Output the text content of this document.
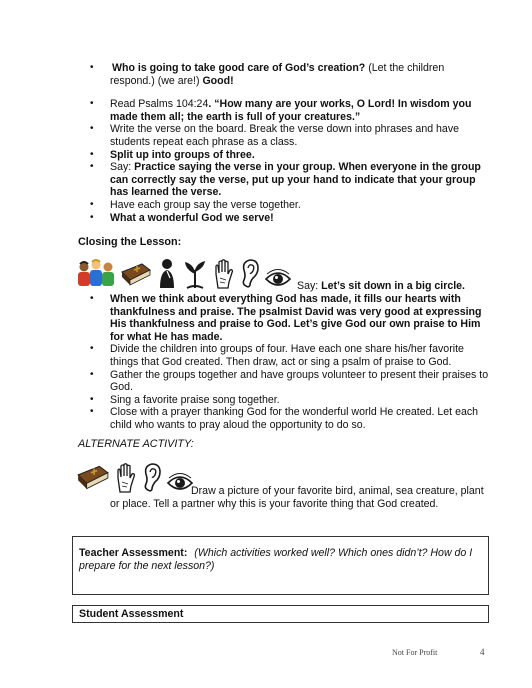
• Who is going to take good care of God’s creation? (Let the children respond.) (we are!) Good!
• Read Psalms 104:24. “How many are your works, O Lord! In wisdom you made them all; the earth is full of your creatures.”
• Write the verse on the board. Break the verse down into phrases and have students repeat each phrase as a class.
• Split up into groups of three.
• Say: Practice saying the verse in your group. When everyone in the group can correctly say the verse, put up your hand to indicate that your group has learned the verse.
• Have each group say the verse together.
• What a wonderful God we serve!
Closing the Lesson:
Say: Let’s sit down in a big circle.
• When we think about everything God has made, it fills our hearts with thankfulness and praise. The psalmist David was very good at expressing His thankfulness and praise to God. Let’s give God our own praise to Him for what He has made.
• Divide the children into groups of four. Have each one share his/her favorite things that God created. Then draw, act or sing a psalm of praise to God.
• Gather the groups together and have groups volunteer to present their praises to God.
• Sing a favorite praise song together.
• Close with a prayer thanking God for the wonderful world He created. Let each child who wants to pray aloud the opportunity to do so.
ALTERNATE ACTIVITY:
Draw a picture of your favorite bird, animal, sea creature, plant
or place. Tell a partner why this is your favorite thing that God created.
Teacher Assessment: (Which activities worked well? Which ones didn’t? How do I prepare for the next lesson?)
Student Assessment
Not For Profit	4
